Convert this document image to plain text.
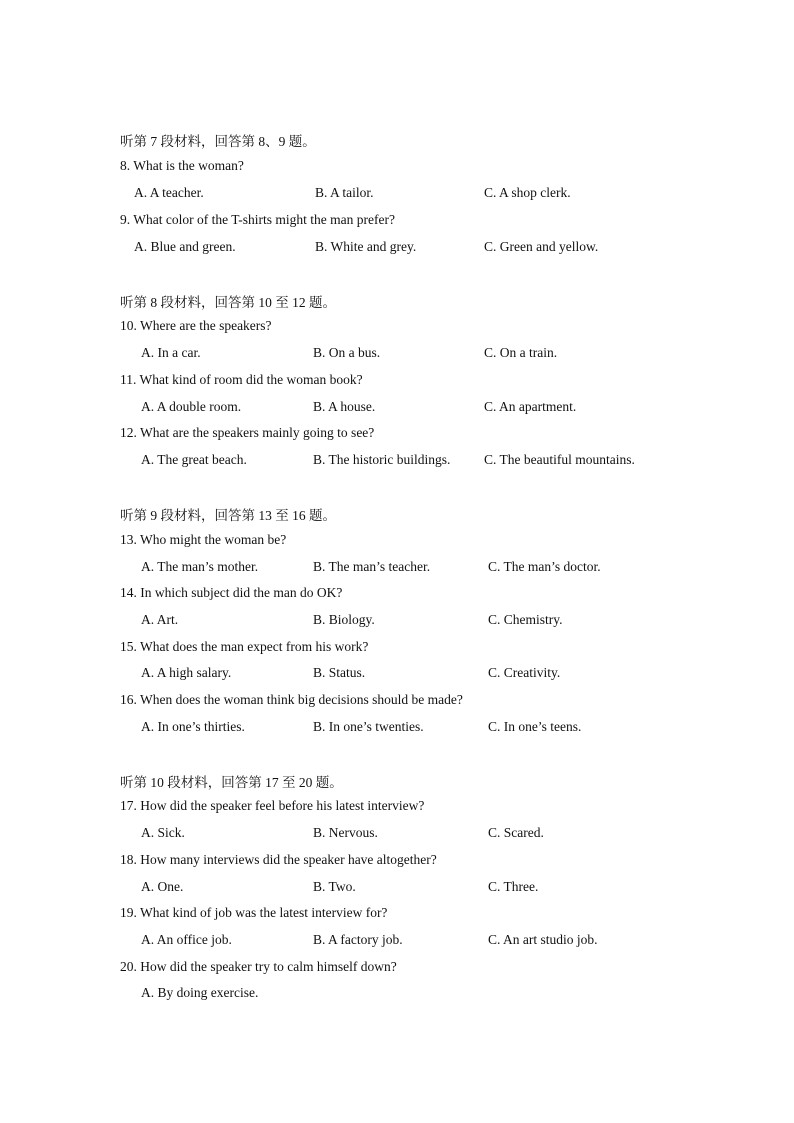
听第 7 段材料，回答第 8、9 题。
8. What is the woman?
A. A teacher.	B. A tailor.	C. A shop clerk.
9. What color of the T-shirts might the man prefer?
A. Blue and green.	B. White and grey.	C. Green and yellow.
听第 8 段材料，回答第 10 至 12 题。
10. Where are the speakers?
A. In a car.	B. On a bus.	C. On a train.
11. What kind of room did the woman book?
A. A double room.	B. A house.	C. An apartment.
12. What are the speakers mainly going to see?
A. The great beach.	B. The historic buildings. C. The beautiful mountains.
听第 9 段材料，回答第 13 至 16 题。
13. Who might the woman be?
A. The man’s mother.	B. The man’s teacher.	C. The man’s doctor.
14. In which subject did the man do OK?
A. Art.	B. Biology.	C. Chemistry.
15. What does the man expect from his work?
A. A high salary.	B. Status.	C. Creativity.
16. When does the woman think big decisions should be made?
A. In one’s thirties.	B. In one’s twenties.	C. In one’s teens.
听第 10 段材料，回答第 17 至 20 题。
17. How did the speaker feel before his latest interview?
A. Sick.	B. Nervous.	C. Scared.
18. How many interviews did the speaker have altogether?
A. One.	B. Two.	C. Three.
19. What kind of job was the latest interview for?
A. An office job.	B. A factory job.	C. An art studio job.
20. How did the speaker try to calm himself down?
A. By doing exercise.
